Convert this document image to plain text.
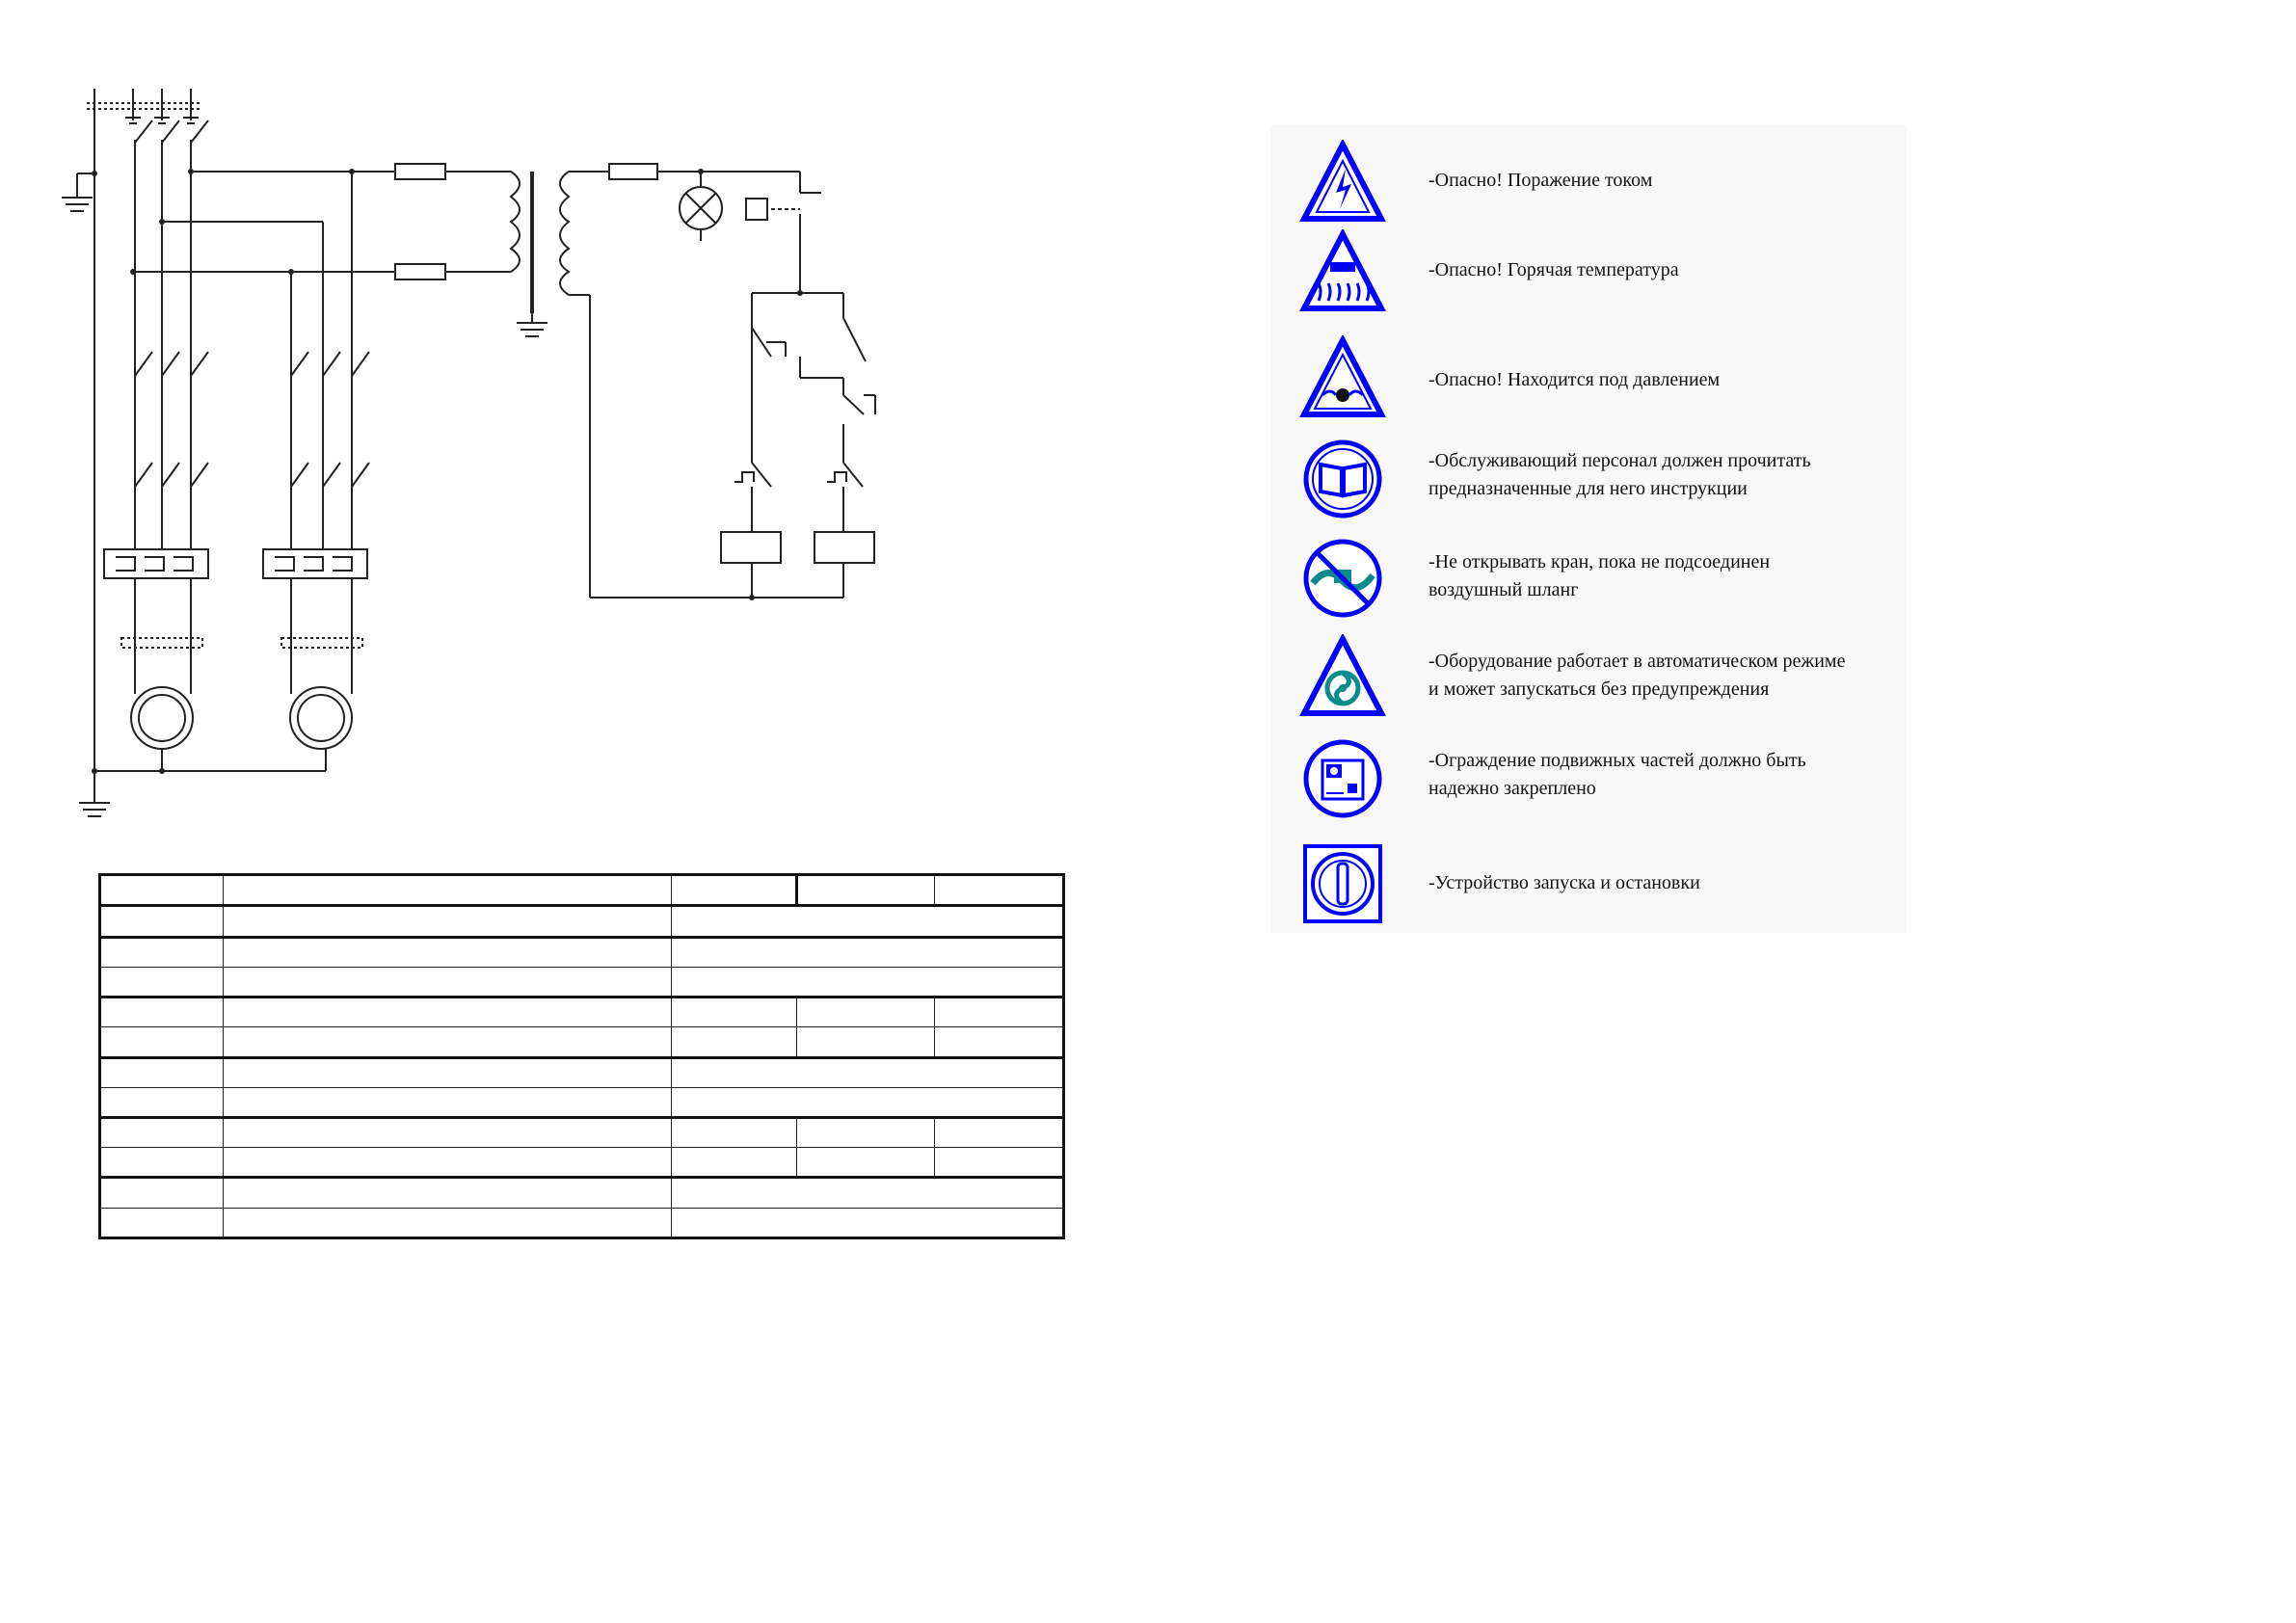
-Опасно! Поражение током
-Опасно! Горячая температура
-Опасно! Находится под давлением
-Обслуживающий персонал должен прочитать
предназначенные для него инструкции
-Не открывать кран, пока не подсоединен
воздушный шланг
-Оборудование работает в автоматическом режиме
и может запускаться без предупреждения
-Ограждение подвижных частей должно быть
надежно закреплено
-Устройство запуска и остановки
